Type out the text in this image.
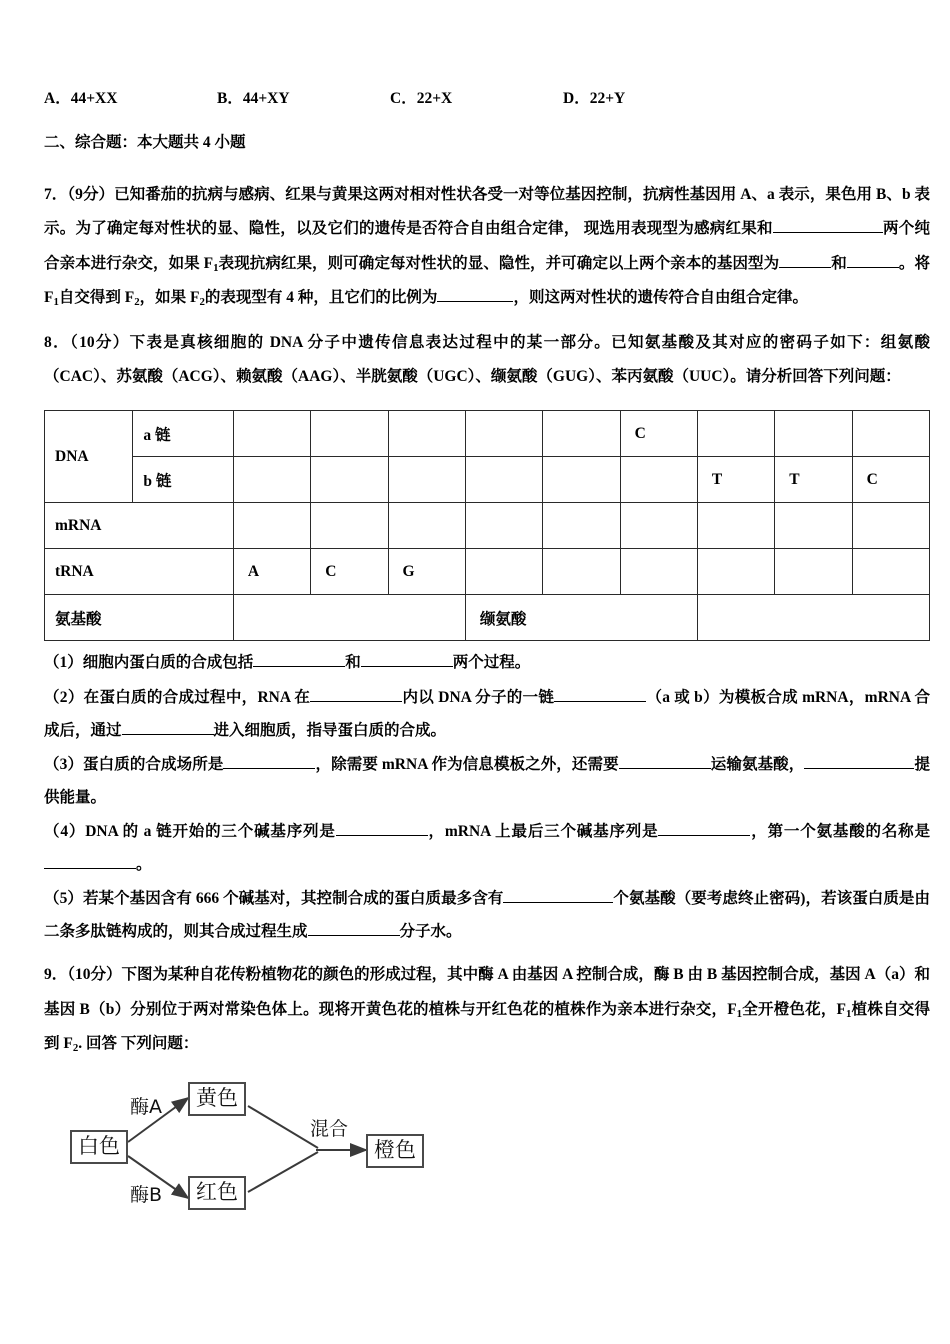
A．44+XX	B．44+XY	C．22+X	D．22+Y
二、综合题：本大题共 4 小题
7．（9分）已知番茄的抗病与感病、红果与黄果这两对相对性状各受一对等位基因控制，抗病性基因用 A、a 表示，果色用 B、b 表示。为了确定每对性状的显、隐性，以及它们的遗传是否符合自由组合定律， 现选用表现型为感病红果和	两个纯合亲本进行杂交，如果 $F_1$表现抗病红果，则可确定每对性状的显、隐性，并可确定以上两个亲本的基因型为	和	。将 $F_1$自交得到 $F_2$，如果 $F_2$的表现型有 4 种，且它们的比例为	，则这两对性状的遗传符合自由组合定律。
8．（10分）下表是真核细胞的 DNA 分子中遗传信息表达过程中的某一部分。已知氨基酸及其对应的密码子如下：组氨酸（CAC）、苏氨酸（ACG）、赖氨酸（AAG）、半胱氨酸（UGC）、缬氨酸（GUG）、苯丙氨酸（UUC）。请分析回答下列问题：
DNA	a 链						C			
	b 链							T	T	C
mRNA										
tRNA		A	C	G						
氨基酸					缬氨酸					
（1）细胞内蛋白质的合成包括	和	两个过程。
（2）在蛋白质的合成过程中，RNA 在	内以 DNA 分子的一链	（a 或 b）为模板合成 mRNA，mRNA 合成后，通过	进入细胞质，指导蛋白质的合成。
（3）蛋白质的合成场所是	，除需要 mRNA 作为信息模板之外，还需要	运输氨基酸，	提供能量。
（4）DNA 的 a 链开始的三个碱基序列是	，mRNA 上最后三个碱基序列是	，第一个氨基酸的名称是。
（5）若某个基因含有 666 个碱基对，其控制合成的蛋白质最多含有	个氨基酸（要考虑终止密码)，若该蛋白质是由二条多肽链构成的，则其合成过程生成	分子水。
9．（10分）下图为某种自花传粉植物花的颜色的形成过程，其中酶 A 由基因 A 控制合成，酶 B 由 B 基因控制合成，基因 A（a）和基因 B（b）分别位于两对常染色体上。现将开黄色花的植株与开红色花的植株作为亲本进行杂交，$F_1$全开橙色花，$F_1$植株自交得到 $F_2$. 回答 下列问题：
白色
黄色
红色
橙色
酶A
酶B
混合
